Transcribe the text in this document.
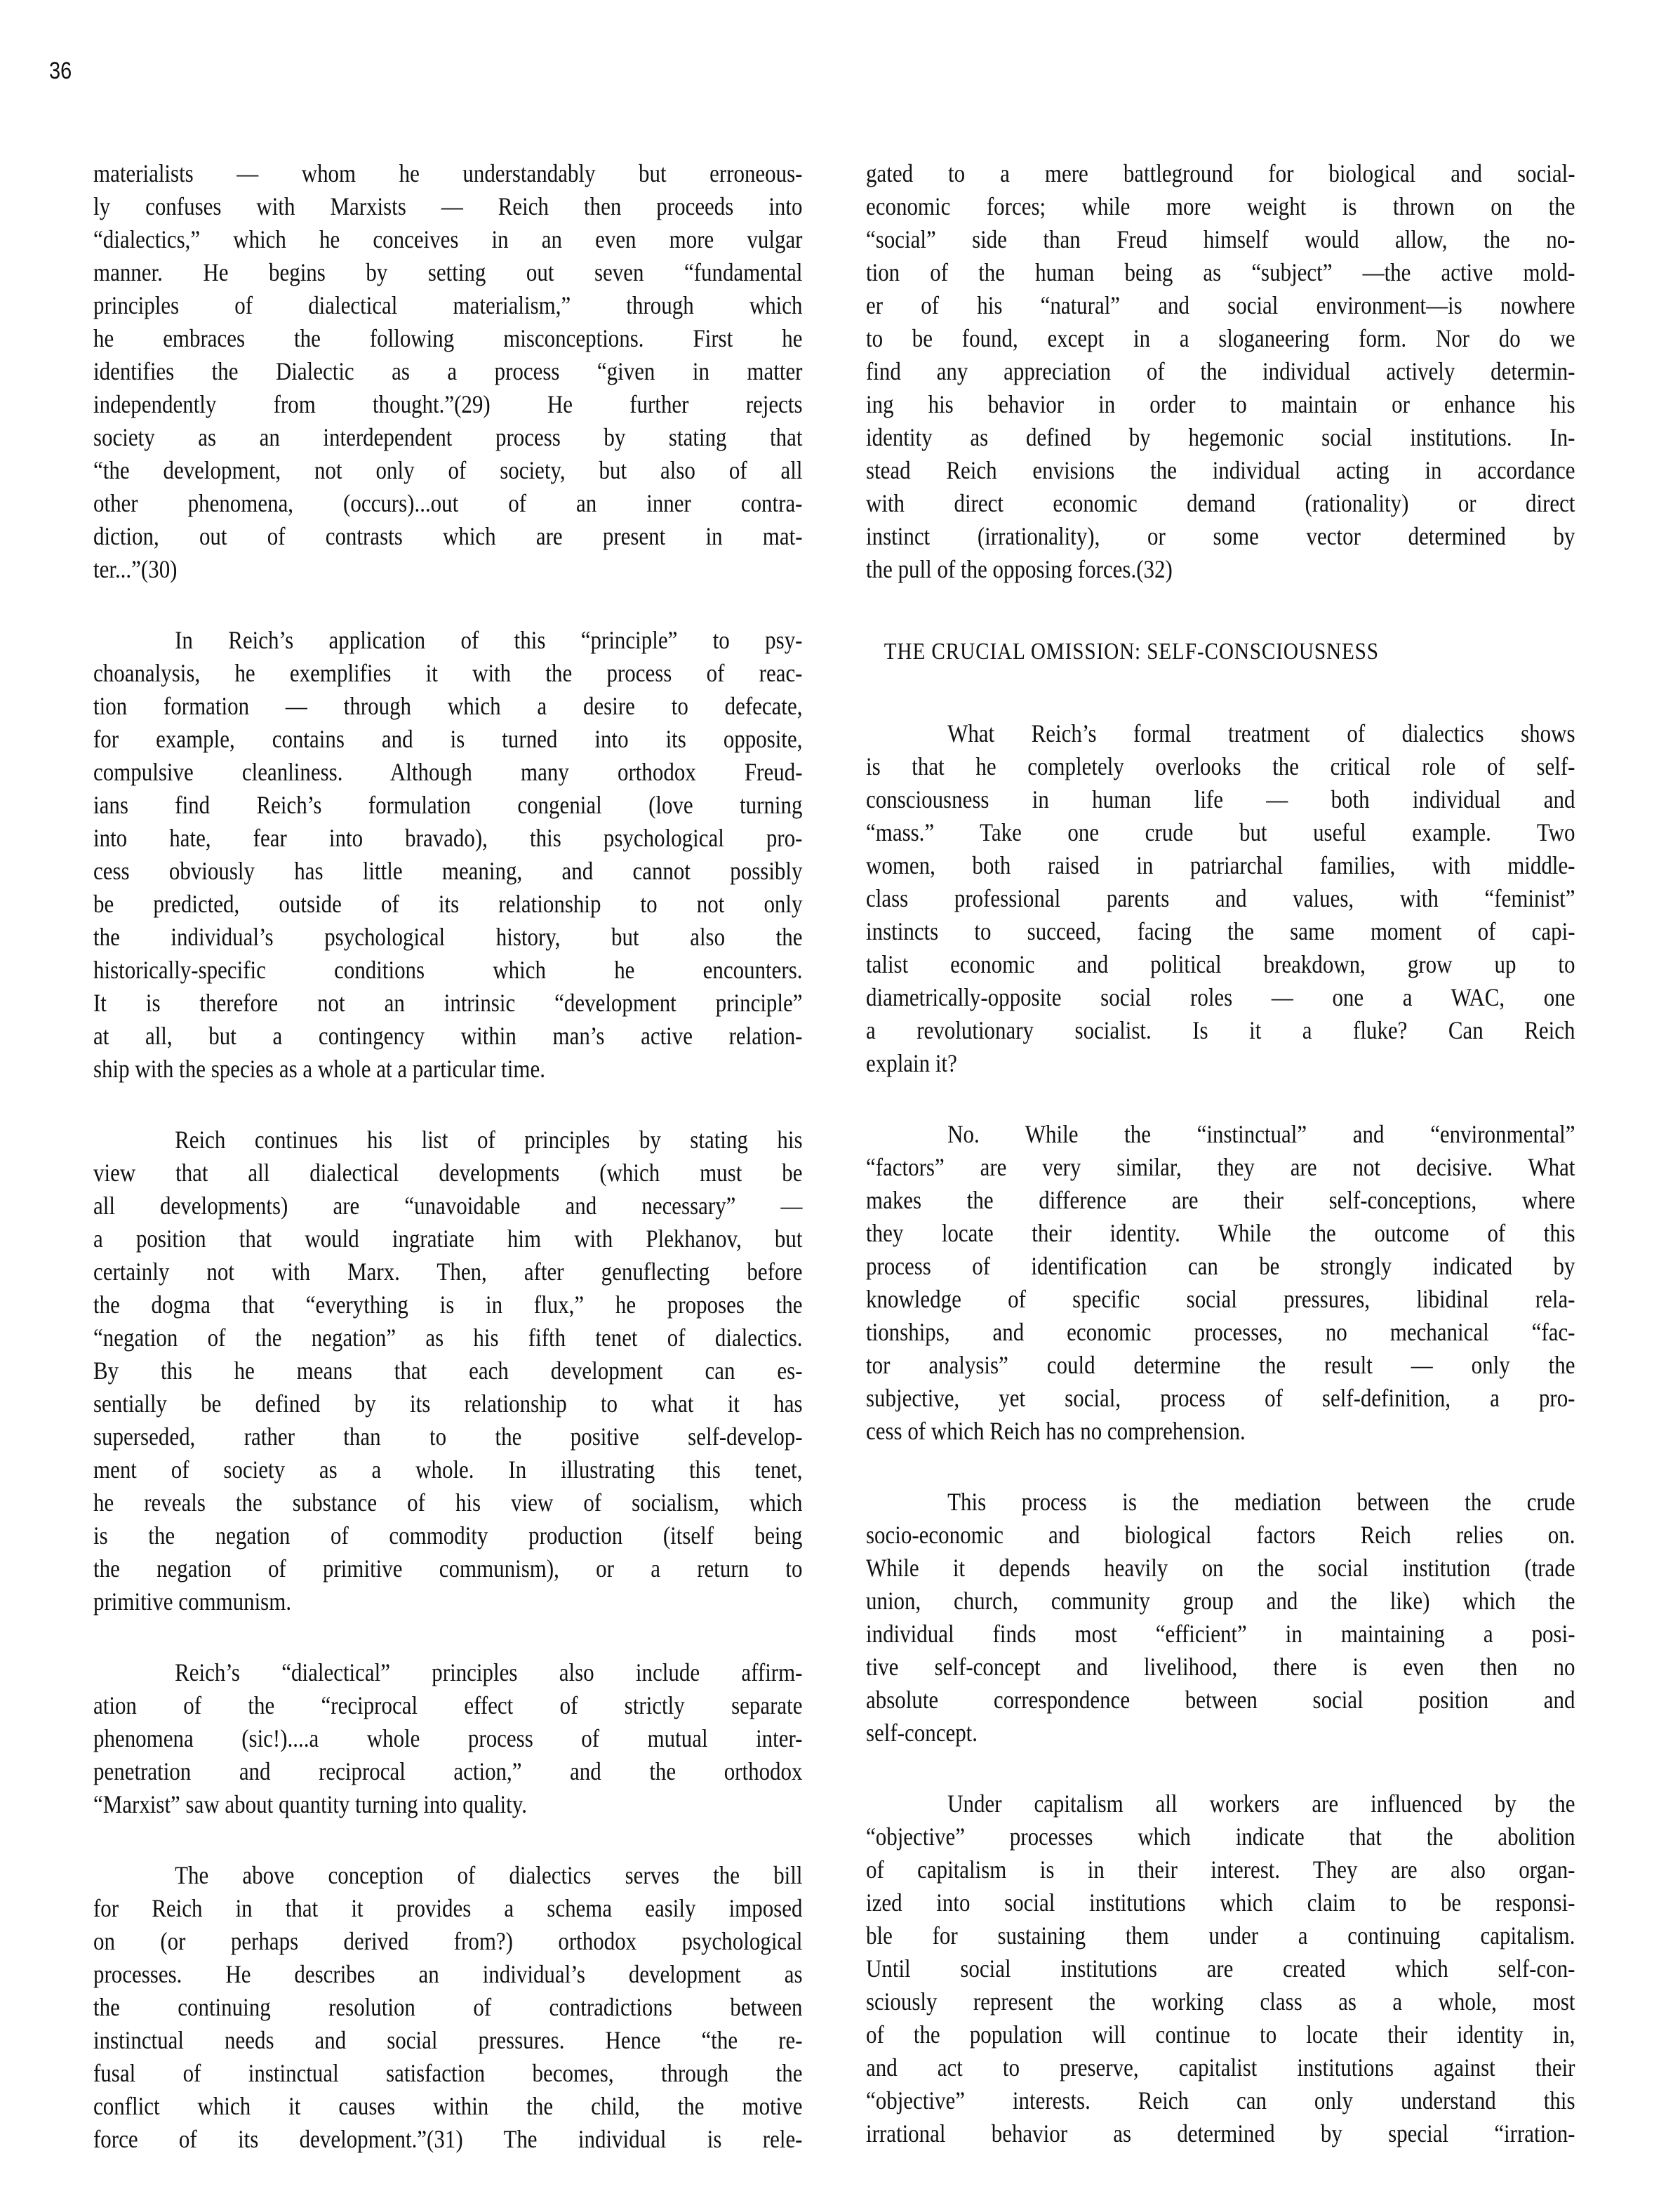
36
materialists — whom he understandably but erroneous-
ly confuses with Marxists — Reich then proceeds into
“dialectics,” which he conceives in an even more vulgar
manner. He begins by setting out seven “fundamental
principles of dialectical materialism,” through which
he embraces the following misconceptions. First he
identifies the Dialectic as a process “given in matter
independently from thought.”(29) He further rejects
society as an interdependent process by stating that
“the development, not only of society, but also of all
other phenomena, (occurs)...out of an inner contra-
diction, out of contrasts which are present in mat-
ter...”(30)
In Reich’s application of this “principle” to psy-
choanalysis, he exemplifies it with the process of reac-
tion formation — through which a desire to defecate,
for example, contains and is turned into its opposite,
compulsive cleanliness. Although many orthodox Freud-
ians find Reich’s formulation congenial (love turning
into hate, fear into bravado), this psychological pro-
cess obviously has little meaning, and cannot possibly
be predicted, outside of its relationship to not only
the individual’s psychological history, but also the
historically-specific conditions which he encounters.
It is therefore not an intrinsic “development principle”
at all, but a contingency within man’s active relation-
ship with the species as a whole at a particular time.
Reich continues his list of principles by stating his
view that all dialectical developments (which must be
all developments) are “unavoidable and necessary” —
a position that would ingratiate him with Plekhanov, but
certainly not with Marx. Then, after genuflecting before
the dogma that “everything is in flux,” he proposes the
“negation of the negation” as his fifth tenet of dialectics.
By this he means that each development can es-
sentially be defined by its relationship to what it has
superseded, rather than to the positive self-develop-
ment of society as a whole. In illustrating this tenet,
he reveals the substance of his view of socialism, which
is the negation of commodity production (itself being
the negation of primitive communism), or a return to
primitive communism.
Reich’s “dialectical” principles also include affirm-
ation of the “reciprocal effect of strictly separate
phenomena (sic!)....a whole process of mutual inter-
penetration and reciprocal action,” and the orthodox
“Marxist” saw about quantity turning into quality.
The above conception of dialectics serves the bill
for Reich in that it provides a schema easily imposed
on (or perhaps derived from?) orthodox psychological
processes. He describes an individual’s development as
the continuing resolution of contradictions between
instinctual needs and social pressures. Hence “the re-
fusal of instinctual satisfaction becomes, through the
conflict which it causes within the child, the motive
force of its development.”(31) The individual is rele-
gated to a mere battleground for biological and social-
economic forces; while more weight is thrown on the
“social” side than Freud himself would allow, the no-
tion of the human being as “subject” —the active mold-
er of his “natural” and social environment—is nowhere
to be found, except in a sloganeering form. Nor do we
find any appreciation of the individual actively determin-
ing his behavior in order to maintain or enhance his
identity as defined by hegemonic social institutions. In-
stead Reich envisions the individual acting in accordance
with direct economic demand (rationality) or direct
instinct (irrationality), or some vector determined by
the pull of the opposing forces.(32)
THE CRUCIAL OMISSION: SELF-CONSCIOUSNESS
What Reich’s formal treatment of dialectics shows
is that he completely overlooks the critical role of self-
consciousness in human life — both individual and
“mass.” Take one crude but useful example. Two
women, both raised in patriarchal families, with middle-
class professional parents and values, with “feminist”
instincts to succeed, facing the same moment of capi-
talist economic and political breakdown, grow up to
diametrically-opposite social roles — one a WAC, one
a revolutionary socialist. Is it a fluke? Can Reich
explain it?
No. While the “instinctual” and “environmental”
“factors” are very similar, they are not decisive. What
makes the difference are their self-conceptions, where
they locate their identity. While the outcome of this
process of identification can be strongly indicated by
knowledge of specific social pressures, libidinal rela-
tionships, and economic processes, no mechanical “fac-
tor analysis” could determine the result — only the
subjective, yet social, process of self-definition, a pro-
cess of which Reich has no comprehension.
This process is the mediation between the crude
socio-economic and biological factors Reich relies on.
While it depends heavily on the social institution (trade
union, church, community group and the like) which the
individual finds most “efficient” in maintaining a posi-
tive self-concept and livelihood, there is even then no
absolute correspondence between social position and
self-concept.
Under capitalism all workers are influenced by the
“objective” processes which indicate that the abolition
of capitalism is in their interest. They are also organ-
ized into social institutions which claim to be responsi-
ble for sustaining them under a continuing capitalism.
Until social institutions are created which self-con-
sciously represent the working class as a whole, most
of the population will continue to locate their identity in,
and act to preserve, capitalist institutions against their
“objective” interests. Reich can only understand this
irrational behavior as determined by special “irration-
